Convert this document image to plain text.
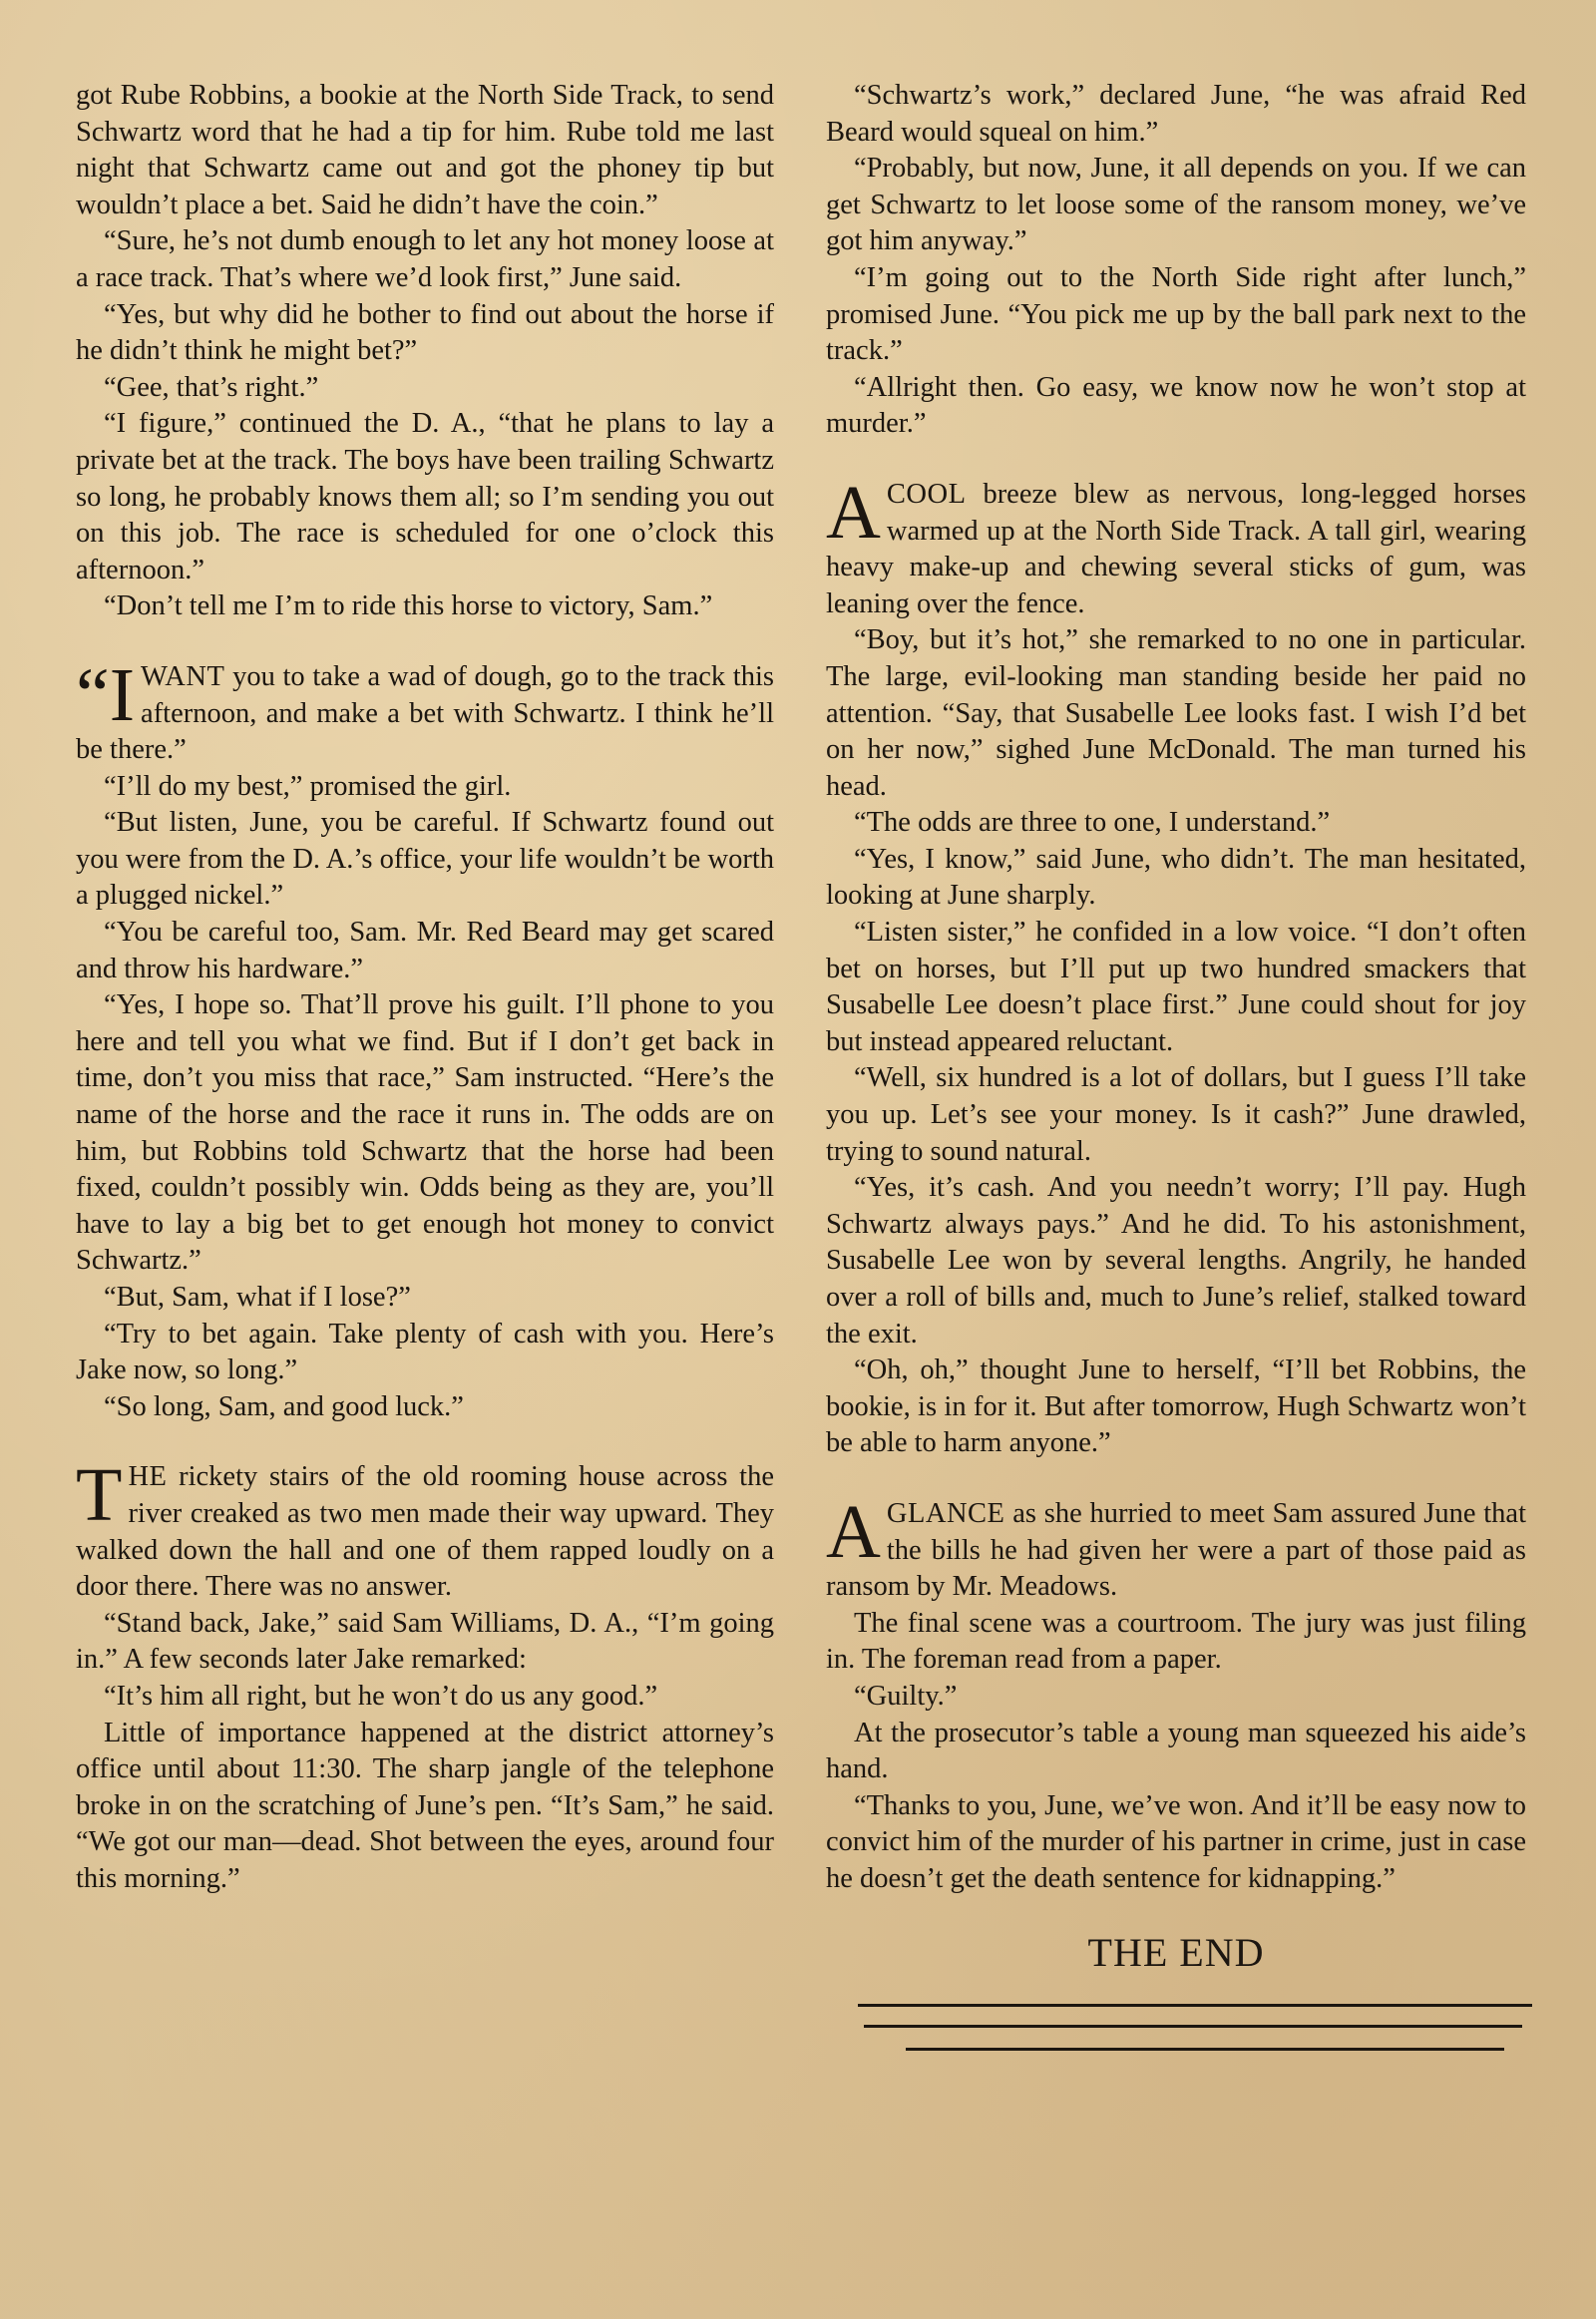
got Rube Robbins, a bookie at the North Side Track, to send Schwartz word that he had a tip for him. Rube told me last night that Schwartz came out and got the phoney tip but wouldn’t place a bet. Said he didn’t have the coin.”

“Sure, he’s not dumb enough to let any hot money loose at a race track. That’s where we’d look first,” June said.

“Yes, but why did he bother to find out about the horse if he didn’t think he might bet?”

“Gee, that’s right.”

“I figure,” continued the D. A., “that he plans to lay a private bet at the track. The boys have been trailing Schwartz so long, he probably knows them all; so I’m sending you out on this job. The race is scheduled for one o’clock this afternoon.”

“Don’t tell me I’m to ride this horse to victory, Sam.”

“IWANT you to take a wad of dough, go to the track this afternoon, and make a bet with Schwartz. I think he’ll be there.”

“I’ll do my best,” promised the girl.

“But listen, June, you be careful. If Schwartz found out you were from the D. A.’s office, your life wouldn’t be worth a plugged nickel.”

“You be careful too, Sam. Mr. Red Beard may get scared and throw his hardware.”

“Yes, I hope so. That’ll prove his guilt. I’ll phone to you here and tell you what we find. But if I don’t get back in time, don’t you miss that race,” Sam instructed. “Here’s the name of the horse and the race it runs in. The odds are on him, but Robbins told Schwartz that the horse had been fixed, couldn’t possibly win. Odds being as they are, you’ll have to lay a big bet to get enough hot money to convict Schwartz.”

“But, Sam, what if I lose?”

“Try to bet again. Take plenty of cash with you. Here’s Jake now, so long.”

“So long, Sam, and good luck.”

THE rickety stairs of the old rooming house across the river creaked as two men made their way upward. They walked down the hall and one of them rapped loudly on a door there. There was no answer.

“Stand back, Jake,” said Sam Williams, D. A., “I’m going in.” A few seconds later Jake remarked:

“It’s him all right, but he won’t do us any good.”

Little of importance happened at the district attorney’s office until about 11:30. The sharp jangle of the telephone broke in on the scratching of June’s pen. “It’s Sam,” he said. “We got our man—dead. Shot between the eyes, around four this morning.”

“Schwartz’s work,” declared June, “he was afraid Red Beard would squeal on him.”

“Probably, but now, June, it all depends on you. If we can get Schwartz to let loose some of the ransom money, we’ve got him anyway.”

“I’m going out to the North Side right after lunch,” promised June. “You pick me up by the ball park next to the track.”

“Allright then. Go easy, we know now he won’t stop at murder.”

ACOOL breeze blew as nervous, long-legged horses warmed up at the North Side Track. A tall girl, wearing heavy make-up and chewing several sticks of gum, was leaning over the fence.

“Boy, but it’s hot,” she remarked to no one in particular. The large, evil-looking man standing beside her paid no attention. “Say, that Susabelle Lee looks fast. I wish I’d bet on her now,” sighed June McDonald. The man turned his head.

“The odds are three to one, I understand.”

“Yes, I know,” said June, who didn’t. The man hesitated, looking at June sharply.

“Listen sister,” he confided in a low voice. “I don’t often bet on horses, but I’ll put up two hundred smackers that Susabelle Lee doesn’t place first.” June could shout for joy but instead appeared reluctant.

“Well, six hundred is a lot of dollars, but I guess I’ll take you up. Let’s see your money. Is it cash?” June drawled, trying to sound natural.

“Yes, it’s cash. And you needn’t worry; I’ll pay. Hugh Schwartz always pays.” And he did. To his astonishment, Susabelle Lee won by several lengths. Angrily, he handed over a roll of bills and, much to June’s relief, stalked toward the exit.

“Oh, oh,” thought June to herself, “I’ll bet Robbins, the bookie, is in for it. But after tomorrow, Hugh Schwartz won’t be able to harm anyone.”

AGLANCE as she hurried to meet Sam assured June that the bills he had given her were a part of those paid as ransom by Mr. Meadows.

The final scene was a courtroom. The jury was just filing in. The foreman read from a paper.

“Guilty.”

At the prosecutor’s table a young man squeezed his aide’s hand.

“Thanks to you, June, we’ve won. And it’ll be easy now to convict him of the murder of his partner in crime, just in case he doesn’t get the death sentence for kidnapping.”

THE END
